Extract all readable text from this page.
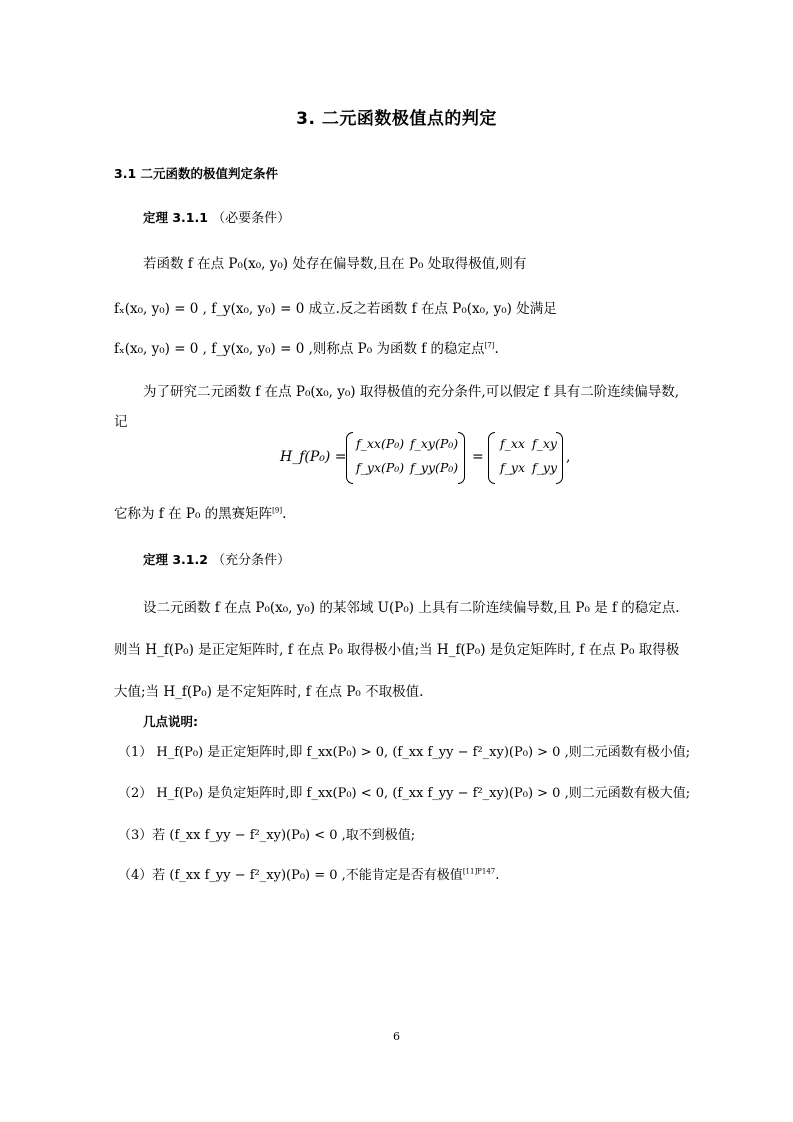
3. 二元函数极值点的判定
3.1 二元函数的极值判定条件
定理 3.1.1 （必要条件）
若函数 f 在点 P₀(x₀, y₀) 处存在偏导数,且在 P₀ 处取得极值,则有
fₓ(x₀, y₀) = 0 , f_y(x₀, y₀) = 0 成立.反之若函数 f 在点 P₀(x₀, y₀) 处满足
fₓ(x₀, y₀) = 0 , f_y(x₀, y₀) = 0 ,则称点 P₀ 为函数 f 的稳定点[7].
为了研究二元函数 f 在点 P₀(x₀, y₀) 取得极值的充分条件,可以假定 f 具有二阶连续偏导数,
记
H_f(P₀) =
f_xx(P₀) f_xy(P₀)
f_yx(P₀) f_yy(P₀)
=
f_xx f_xy
f_yx f_yy
,
它称为 f 在 P₀ 的黑赛矩阵[9].
定理 3.1.2 （充分条件）
设二元函数 f 在点 P₀(x₀, y₀) 的某邻域 U(P₀) 上具有二阶连续偏导数,且 P₀ 是 f 的稳定点.
则当 H_f(P₀) 是正定矩阵时, f 在点 P₀ 取得极小值;当 H_f(P₀) 是负定矩阵时, f 在点 P₀ 取得极
大值;当 H_f(P₀) 是不定矩阵时, f 在点 P₀ 不取极值.
几点说明:
（1） H_f(P₀) 是正定矩阵时,即 f_xx(P₀) > 0, (f_xx f_yy − f²_xy)(P₀) > 0 ,则二元函数有极小值;
（2） H_f(P₀) 是负定矩阵时,即 f_xx(P₀) < 0, (f_xx f_yy − f²_xy)(P₀) > 0 ,则二元函数有极大值;
（3）若 (f_xx f_yy − f²_xy)(P₀) < 0 ,取不到极值;
（4）若 (f_xx f_yy − f²_xy)(P₀) = 0 ,不能肯定是否有极值$^{[11]P147}$.
6
